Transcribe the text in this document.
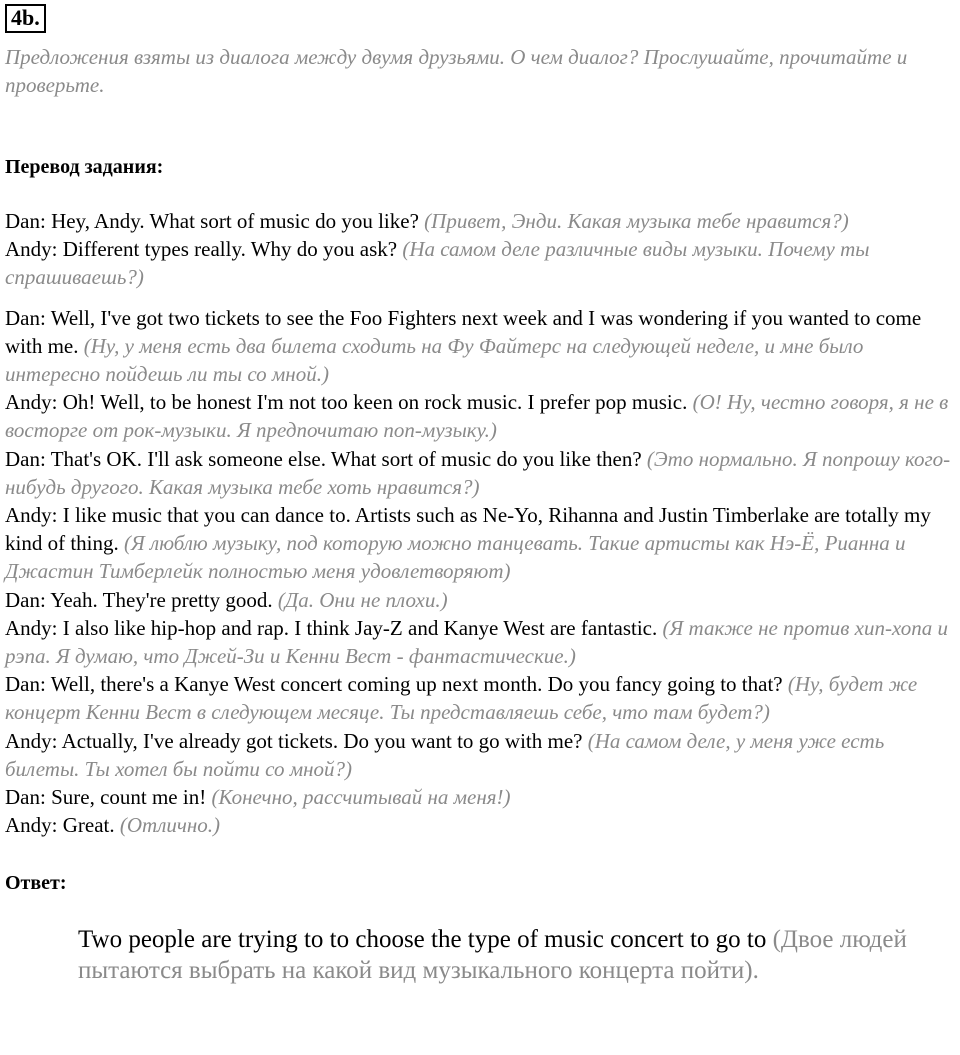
4b.
Предложения взяты из диалога между двумя друзьями. О чем диалог? Прослушайте, прочитайте и проверьте.
Перевод задания:

Dan: Hey, Andy. What sort of music do you like? (Привет, Энди. Какая музыка тебе нравится?)

Andy: Different types really. Why do you ask? (На самом деле различные виды музыки. Почему ты спрашиваешь?)

Dan: Well, I've got two tickets to see the Foo Fighters next week and I was wondering if you wanted to come with me. (Ну, у меня есть два билета сходить на Фу Файтерс на следующей неделе, и мне было интересно пойдешь ли ты со мной.)

Andy: Oh! Well, to be honest I'm not too keen on rock music. I prefer pop music. (О! Ну, честно говоря, я не в восторге от рок-музыки. Я предпочитаю поп-музыку.)

Dan: That's OK. I'll ask someone else. What sort of music do you like then? (Это нормально. Я попрошу кого-нибудь другого. Какая музыка тебе хоть нравится?)

Andy: I like music that you can dance to. Artists such as Ne-Yo, Rihanna and Justin Timberlake are totally my kind of thing. (Я люблю музыку, под которую можно танцевать. Такие артисты как Нэ-Ё, Рианна и Джастин Тимберлейк полностью меня удовлетворяют)

Dan: Yeah. They're pretty good. (Да. Они не плохи.)

Andy: I also like hip-hop and rap. I think Jay-Z and Kanye West are fantastic. (Я также не против хип-хопа и рэпа. Я думаю, что Джей-Зи и Кенни Вест - фантастические.)

Dan: Well, there's a Kanye West concert coming up next month. Do you fancy going to that? (Ну, будет же концерт Кенни Вест в следующем месяце. Ты представляешь себе, что там будет?)

Andy: Actually, I've already got tickets. Do you want to go with me? (На самом деле, у меня уже есть билеты. Ты хотел бы пойти со мной?)

Dan: Sure, count me in! (Конечно, рассчитывай на меня!)

Andy: Great. (Отлично.)

Ответ:
Two people are trying to to choose the type of music concert to go to (Двое людей пытаются выбрать на какой вид музыкального концерта пойти).
